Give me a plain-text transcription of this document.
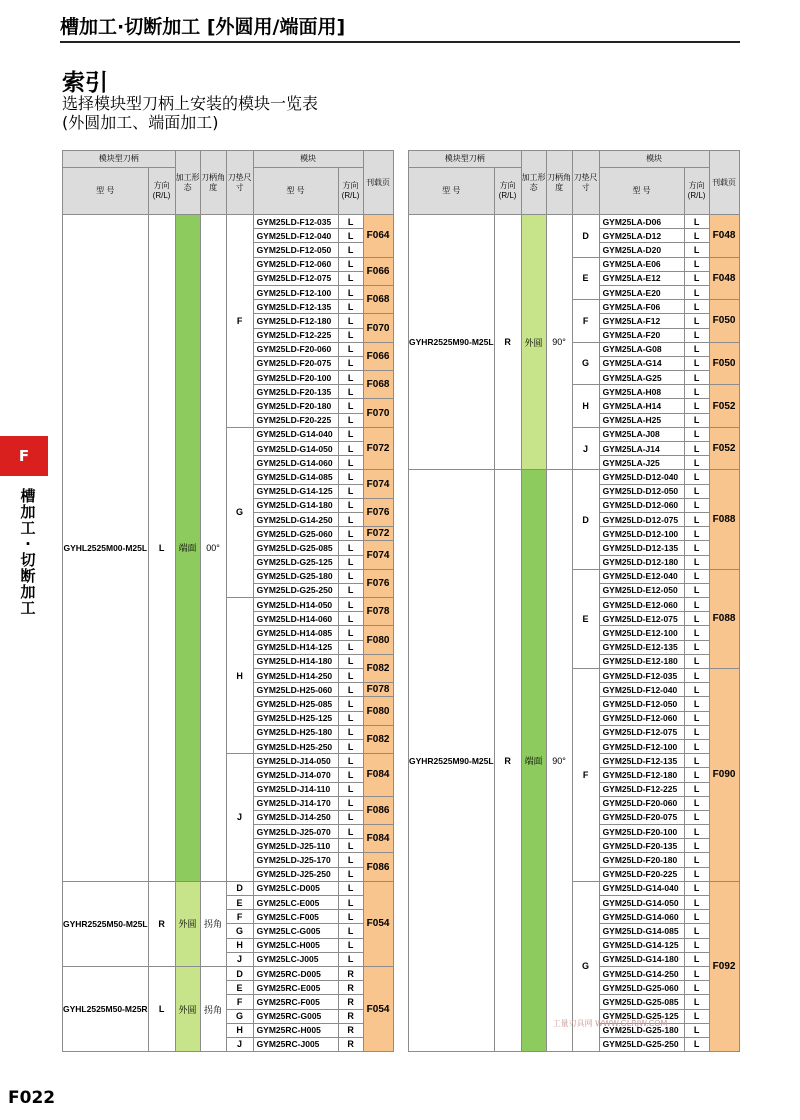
槽加工·切断加工 [外圆用/端面用]
索引
选择模块型刀柄上安装的模块一览表
(外圆加工、端面加工)
模块型刀柄		加工形态	刀柄角度	刀垫尺寸	模块		刊载页
型 号	方向 (R/L)				型 号	方向 (R/L)	
GYHL2525M00-M25L	L	端面	00°	F	GYM25LD-F12-035	L	F064
					GYM25LD-F12-040	L	
					GYM25LD-F12-050	L	
					GYM25LD-F12-060	L	F066
					GYM25LD-F12-075	L	
					GYM25LD-F12-100	L	F068
					GYM25LD-F12-135	L	
					GYM25LD-F12-180	L	F070
					GYM25LD-F12-225	L	
					GYM25LD-F20-060	L	F066
					GYM25LD-F20-075	L	
					GYM25LD-F20-100	L	F068
					GYM25LD-F20-135	L	
					GYM25LD-F20-180	L	F070
					GYM25LD-F20-225	L	
				G	GYM25LD-G14-040	L	F072
					GYM25LD-G14-050	L	
					GYM25LD-G14-060	L	
					GYM25LD-G14-085	L	F074
					GYM25LD-G14-125	L	
					GYM25LD-G14-180	L	F076
					GYM25LD-G14-250	L	
					GYM25LD-G25-060	L	F072
					GYM25LD-G25-085	L	F074
					GYM25LD-G25-125	L	
					GYM25LD-G25-180	L	F076
					GYM25LD-G25-250	L	
				H	GYM25LD-H14-050	L	F078
					GYM25LD-H14-060	L	
					GYM25LD-H14-085	L	F080
					GYM25LD-H14-125	L	
					GYM25LD-H14-180	L	F082
					GYM25LD-H14-250	L	
					GYM25LD-H25-060	L	F078
					GYM25LD-H25-085	L	F080
					GYM25LD-H25-125	L	
					GYM25LD-H25-180	L	F082
					GYM25LD-H25-250	L	
				J	GYM25LD-J14-050	L	F084
					GYM25LD-J14-070	L	
					GYM25LD-J14-110	L	
					GYM25LD-J14-170	L	F086
					GYM25LD-J14-250	L	
					GYM25LD-J25-070	L	F084
					GYM25LD-J25-110	L	
					GYM25LD-J25-170	L	F086
					GYM25LD-J25-250	L	
GYHR2525M50-M25L	R	外圆	拐角	D	GYM25LC-D005	L	F054
				E	GYM25LC-E005	L	
				F	GYM25LC-F005	L	
				G	GYM25LC-G005	L	
				H	GYM25LC-H005	L	
				J	GYM25LC-J005	L	
GYHL2525M50-M25R	L	外圆	拐角	D	GYM25RC-D005	R	F054
				E	GYM25RC-E005	R	
				F	GYM25RC-F005	R	
				G	GYM25RC-G005	R	
				H	GYM25RC-H005	R	
				J	GYM25RC-J005	R	
模块型刀柄		加工形态	刀柄角度	刀垫尺寸	模块		刊载页
型 号	方向 (R/L)				型 号	方向 (R/L)	
GYHR2525M90-M25L	R	外圆	90°	D	GYM25LA-D06	L	F048
					GYM25LA-D12	L	
					GYM25LA-D20	L	
				E	GYM25LA-E06	L	F048
					GYM25LA-E12	L	
					GYM25LA-E20	L	
				F	GYM25LA-F06	L	F050
					GYM25LA-F12	L	
					GYM25LA-F20	L	
				G	GYM25LA-G08	L	F050
					GYM25LA-G14	L	
					GYM25LA-G25	L	
				H	GYM25LA-H08	L	F052
					GYM25LA-H14	L	
					GYM25LA-H25	L	
				J	GYM25LA-J08	L	F052
					GYM25LA-J14	L	
					GYM25LA-J25	L	
GYHR2525M90-M25L	R	端面	90°	D	GYM25LD-D12-040	L	F088
					GYM25LD-D12-050	L	
					GYM25LD-D12-060	L	
					GYM25LD-D12-075	L	
					GYM25LD-D12-100	L	
					GYM25LD-D12-135	L	
					GYM25LD-D12-180	L	
				E	GYM25LD-E12-040	L	F088
					GYM25LD-E12-050	L	
					GYM25LD-E12-060	L	
					GYM25LD-E12-075	L	
					GYM25LD-E12-100	L	
					GYM25LD-E12-135	L	
					GYM25LD-E12-180	L	
				F	GYM25LD-F12-035	L	F090
					GYM25LD-F12-040	L	
					GYM25LD-F12-050	L	
					GYM25LD-F12-060	L	
					GYM25LD-F12-075	L	
					GYM25LD-F12-100	L	
					GYM25LD-F12-135	L	
					GYM25LD-F12-180	L	
					GYM25LD-F12-225	L	
					GYM25LD-F20-060	L	
					GYM25LD-F20-075	L	
					GYM25LD-F20-100	L	
					GYM25LD-F20-135	L	
					GYM25LD-F20-180	L	
					GYM25LD-F20-225	L	
				G	GYM25LD-G14-040	L	F092
					GYM25LD-G14-050	L	
					GYM25LD-G14-060	L	
					GYM25LD-G14-085	L	
					GYM25LD-G14-125	L	
					GYM25LD-G14-180	L	
					GYM25LD-G14-250	L	
					GYM25LD-G25-060	L	
					GYM25LD-G25-085	L	
					GYM25LD-G25-125	L	
					GYM25LD-G25-180	L	
					GYM25LD-G25-250	L	
F
槽加工·切断加工
工量刃具网 WWW.GLRJW.COM
F022
